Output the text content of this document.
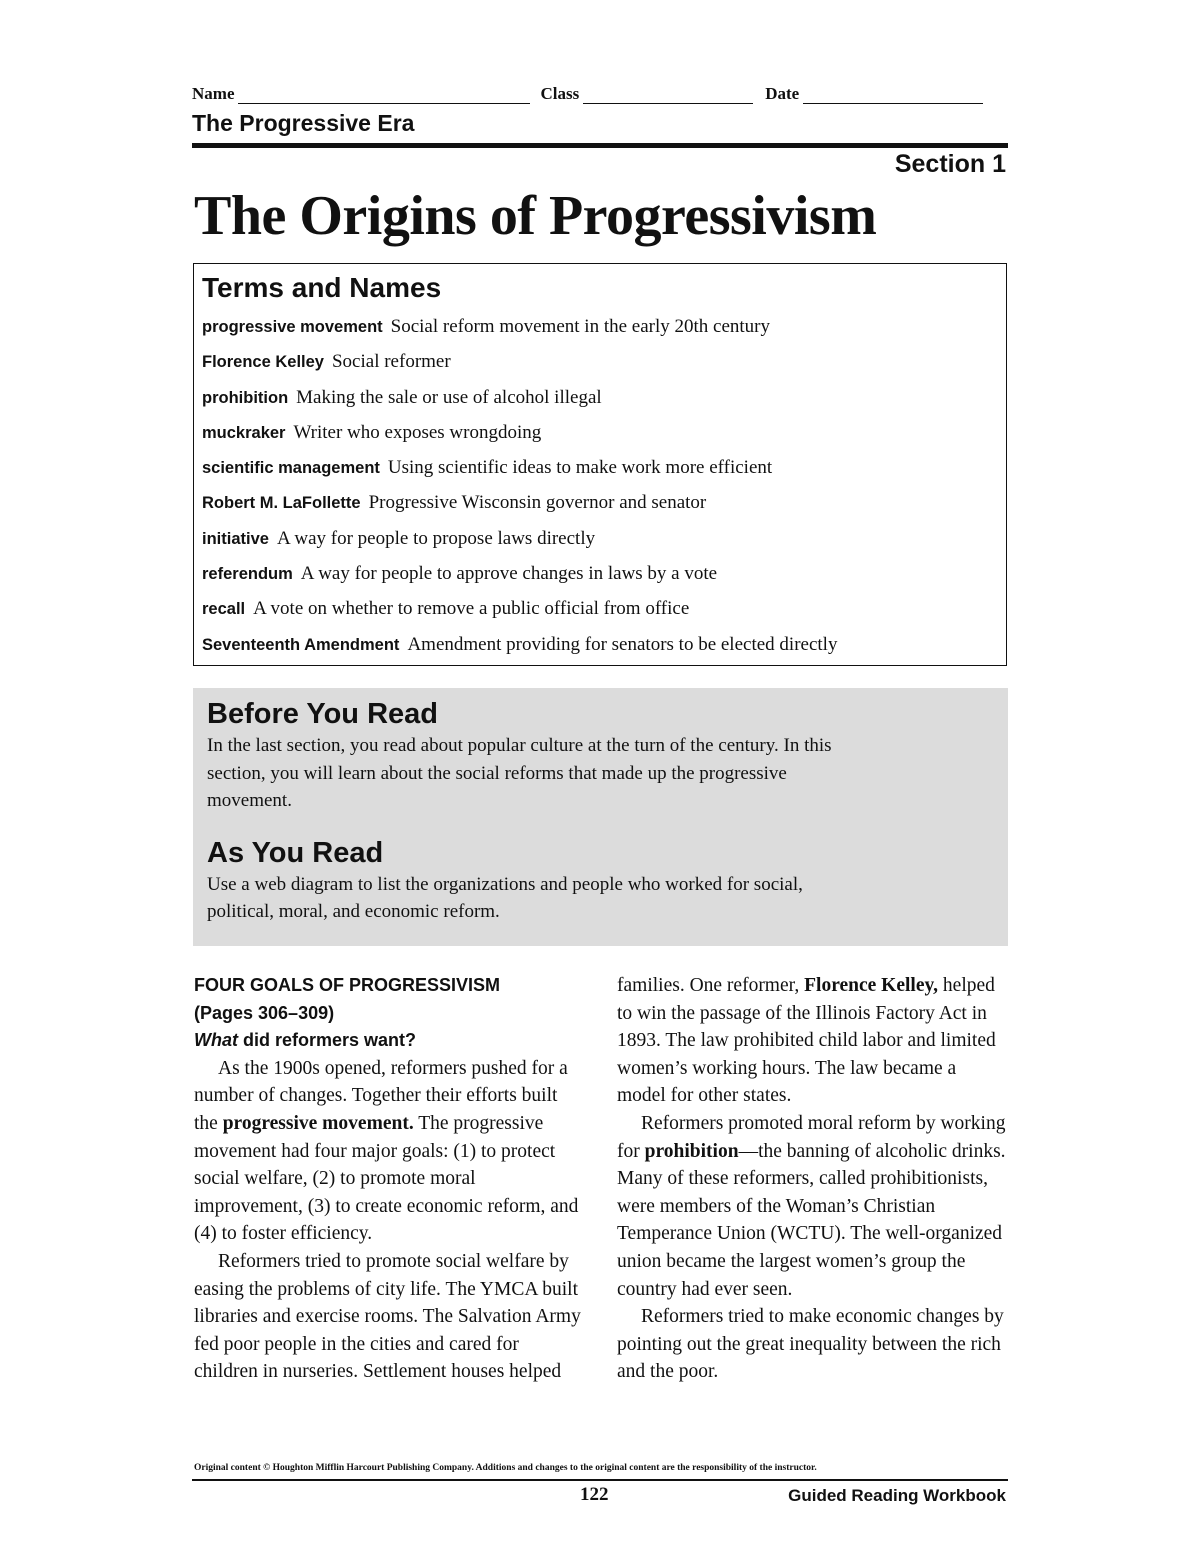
Name	Class	Date
The Progressive Era
Section 1
The Origins of Progressivism
Terms and Names
progressive movement Social reform movement in the early 20th century
Florence Kelley Social reformer
prohibition Making the sale or use of alcohol illegal
muckraker Writer who exposes wrongdoing
scientific management Using scientific ideas to make work more efficient
Robert M. LaFollette Progressive Wisconsin governor and senator
initiative A way for people to propose laws directly
referendum A way for people to approve changes in laws by a vote
recall A vote on whether to remove a public official from office
Seventeenth Amendment Amendment providing for senators to be elected directly
Before You Read
In the last section, you read about popular culture at the turn of the century. In this section, you will learn about the social reforms that made up the progressive movement.
As You Read
Use a web diagram to list the organizations and people who worked for social, political, moral, and economic reform.
FOUR GOALS OF PROGRESSIVISM
(Pages 306–309)
What did reformers want?

As the 1900s opened, reformers pushed for a number of changes. Together their efforts built the progressive movement. The progressive movement had four major goals: (1) to protect social welfare, (2) to promote moral improvement, (3) to create economic reform, and (4) to foster efficiency.

Reformers tried to promote social welfare by easing the problems of city life. The YMCA built libraries and exercise rooms. The Salvation Army fed poor people in the cities and cared for children in nurseries. Settlement houses helped

families. One reformer, Florence Kelley, helped to win the passage of the Illinois Factory Act in 1893. The law prohibited child labor and limited women’s working hours. The law became a model for other states.

Reformers promoted moral reform by working for prohibition—the banning of alcoholic drinks. Many of these reformers, called prohibitionists, were members of the Woman’s Christian Temperance Union (WCTU). The well-organized union became the largest women’s group the country had ever seen.

Reformers tried to make economic changes by pointing out the great inequality between the rich and the poor.

Original content © Houghton Mifflin Harcourt Publishing Company. Additions and changes to the original content are the responsibility of the instructor.
122	Guided Reading Workbook
